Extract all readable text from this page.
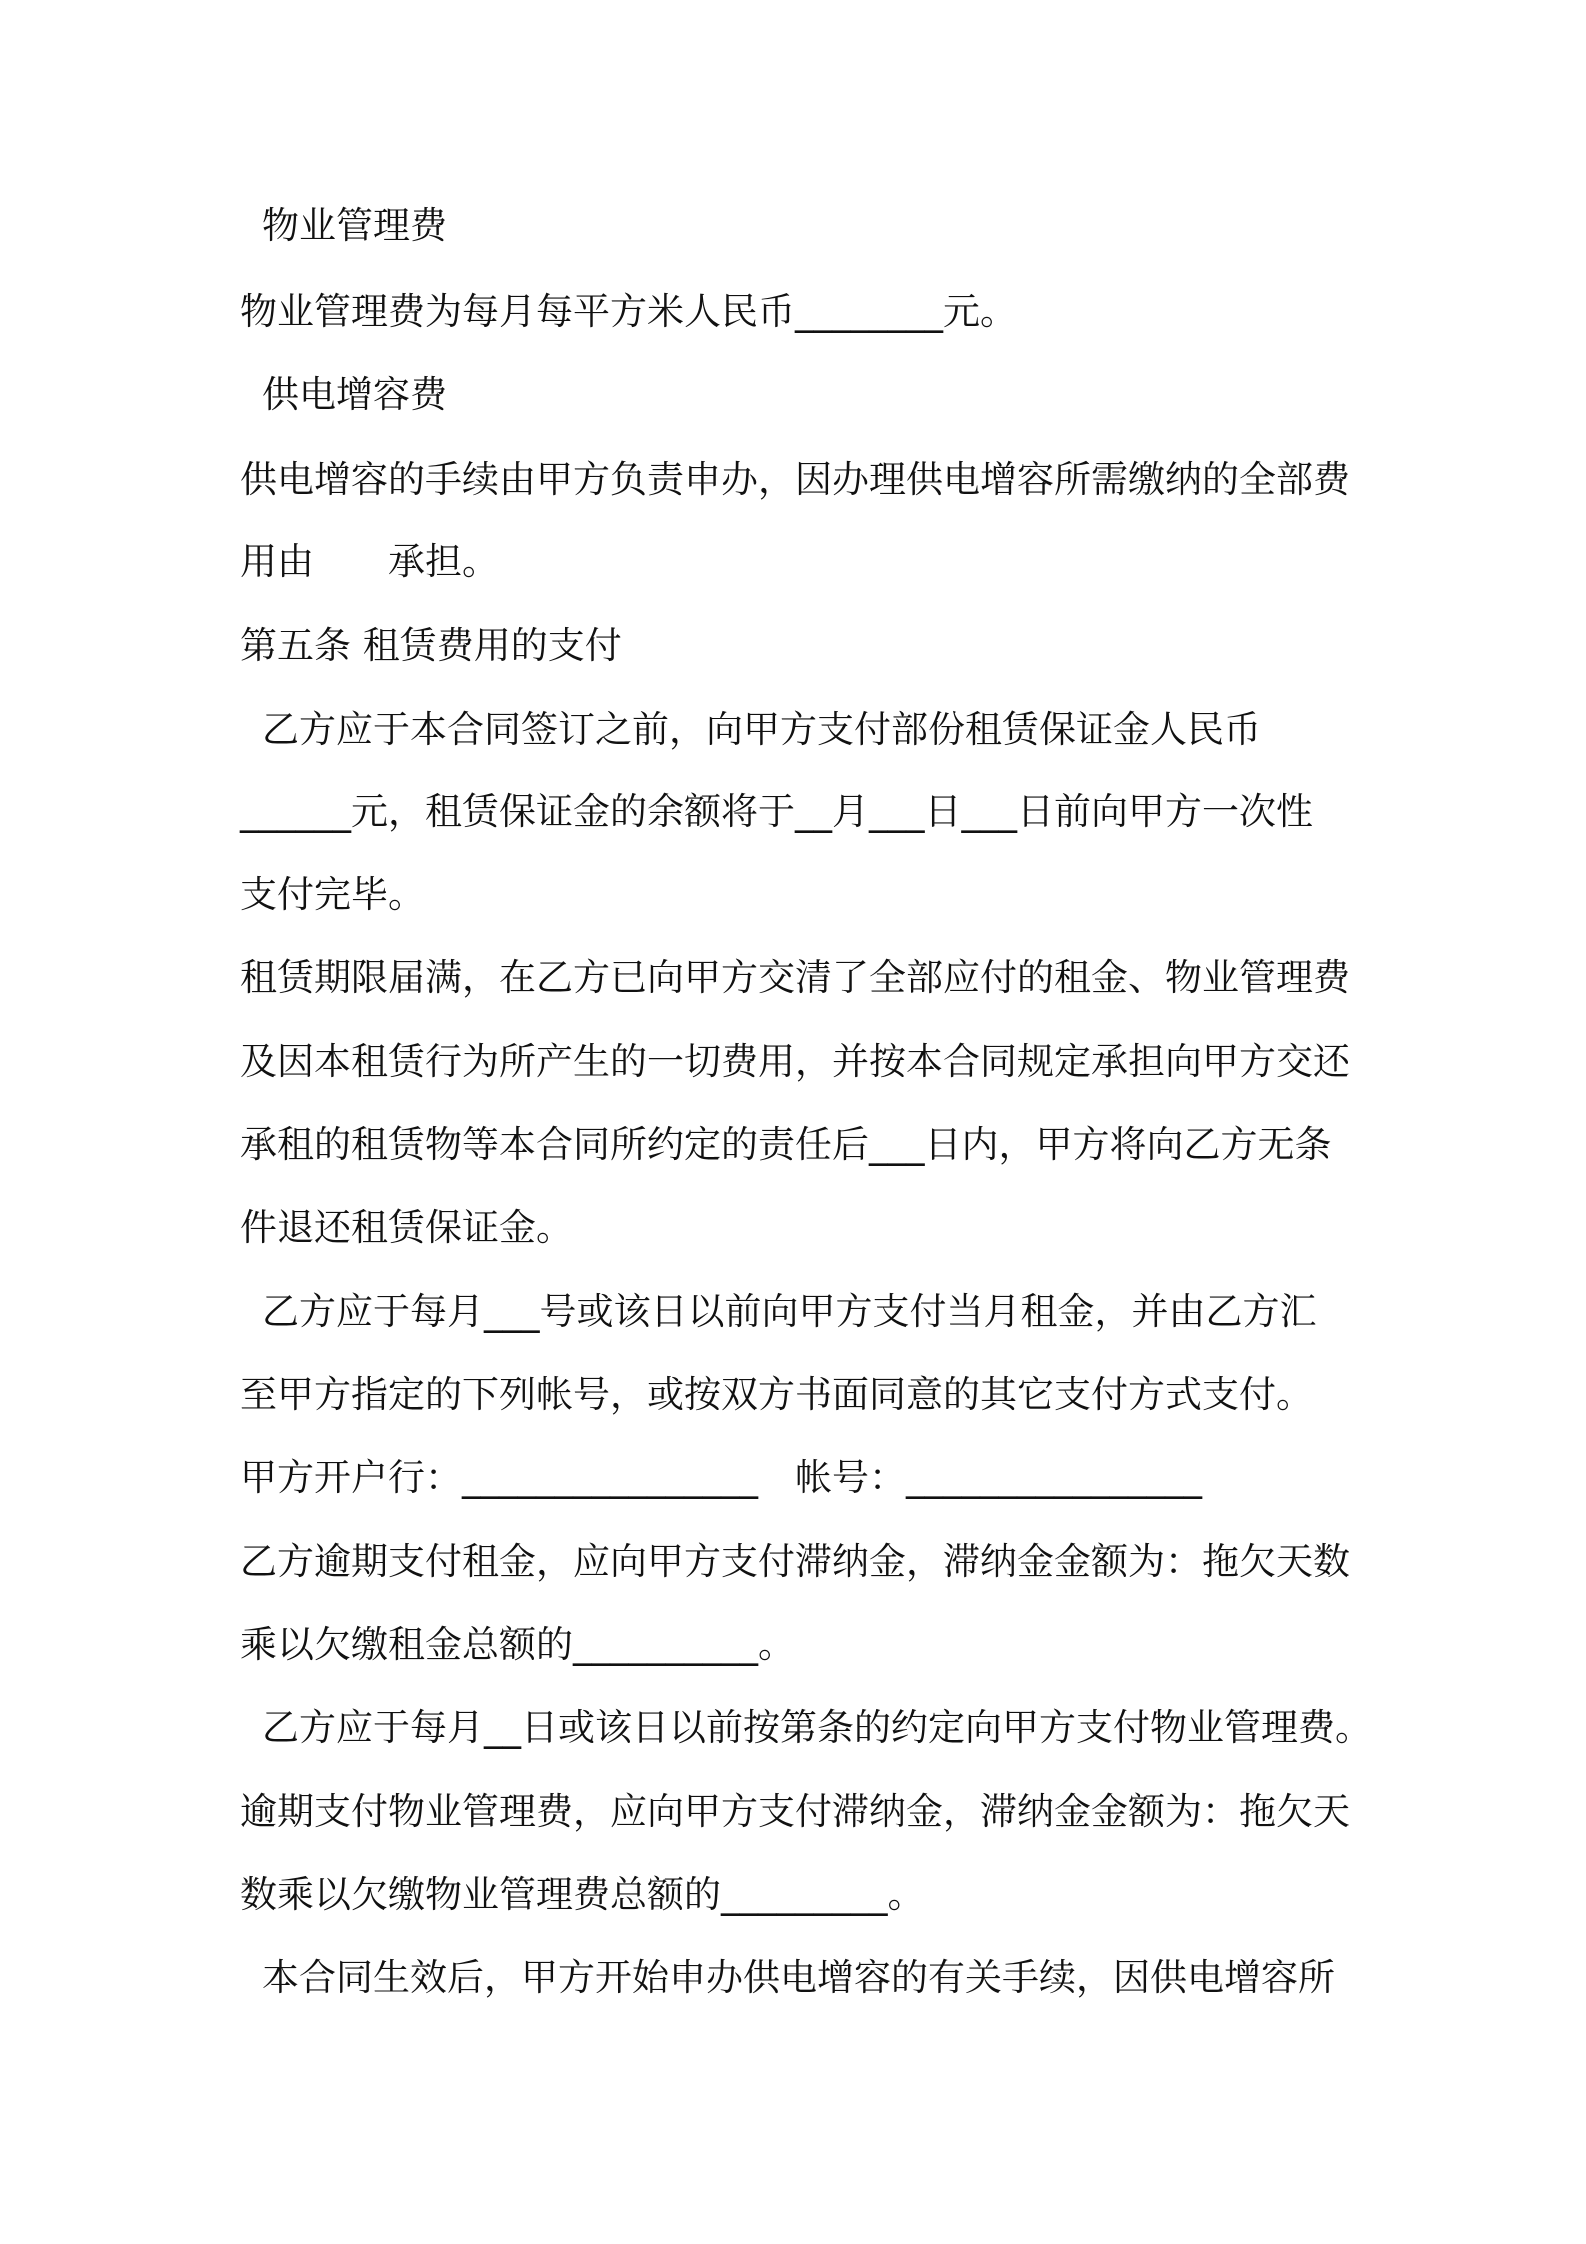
物业管理费

物业管理费为每月每平方米人民币________元。

供电增容费

供电增容的手续由甲方负责申办，因办理供电增容所需缴纳的全部费

用由　　承担。

第五条 租赁费用的支付

乙方应于本合同签订之前，向甲方支付部份租赁保证金人民币

______元，租赁保证金的余额将于__月___日___日前向甲方一次性

支付完毕。

租赁期限届满，在乙方已向甲方交清了全部应付的租金、物业管理费

及因本租赁行为所产生的一切费用，并按本合同规定承担向甲方交还

承租的租赁物等本合同所约定的责任后___日内，甲方将向乙方无条

件退还租赁保证金。

乙方应于每月___号或该日以前向甲方支付当月租金，并由乙方汇

至甲方指定的下列帐号，或按双方书面同意的其它支付方式支付。

甲方开户行：________________　帐号：________________

乙方逾期支付租金，应向甲方支付滞纳金，滞纳金金额为：拖欠天数

乘以欠缴租金总额的__________。

乙方应于每月__日或该日以前按第条的约定向甲方支付物业管理费。

逾期支付物业管理费，应向甲方支付滞纳金，滞纳金金额为：拖欠天

数乘以欠缴物业管理费总额的_________。

本合同生效后，甲方开始申办供电增容的有关手续，因供电增容所
